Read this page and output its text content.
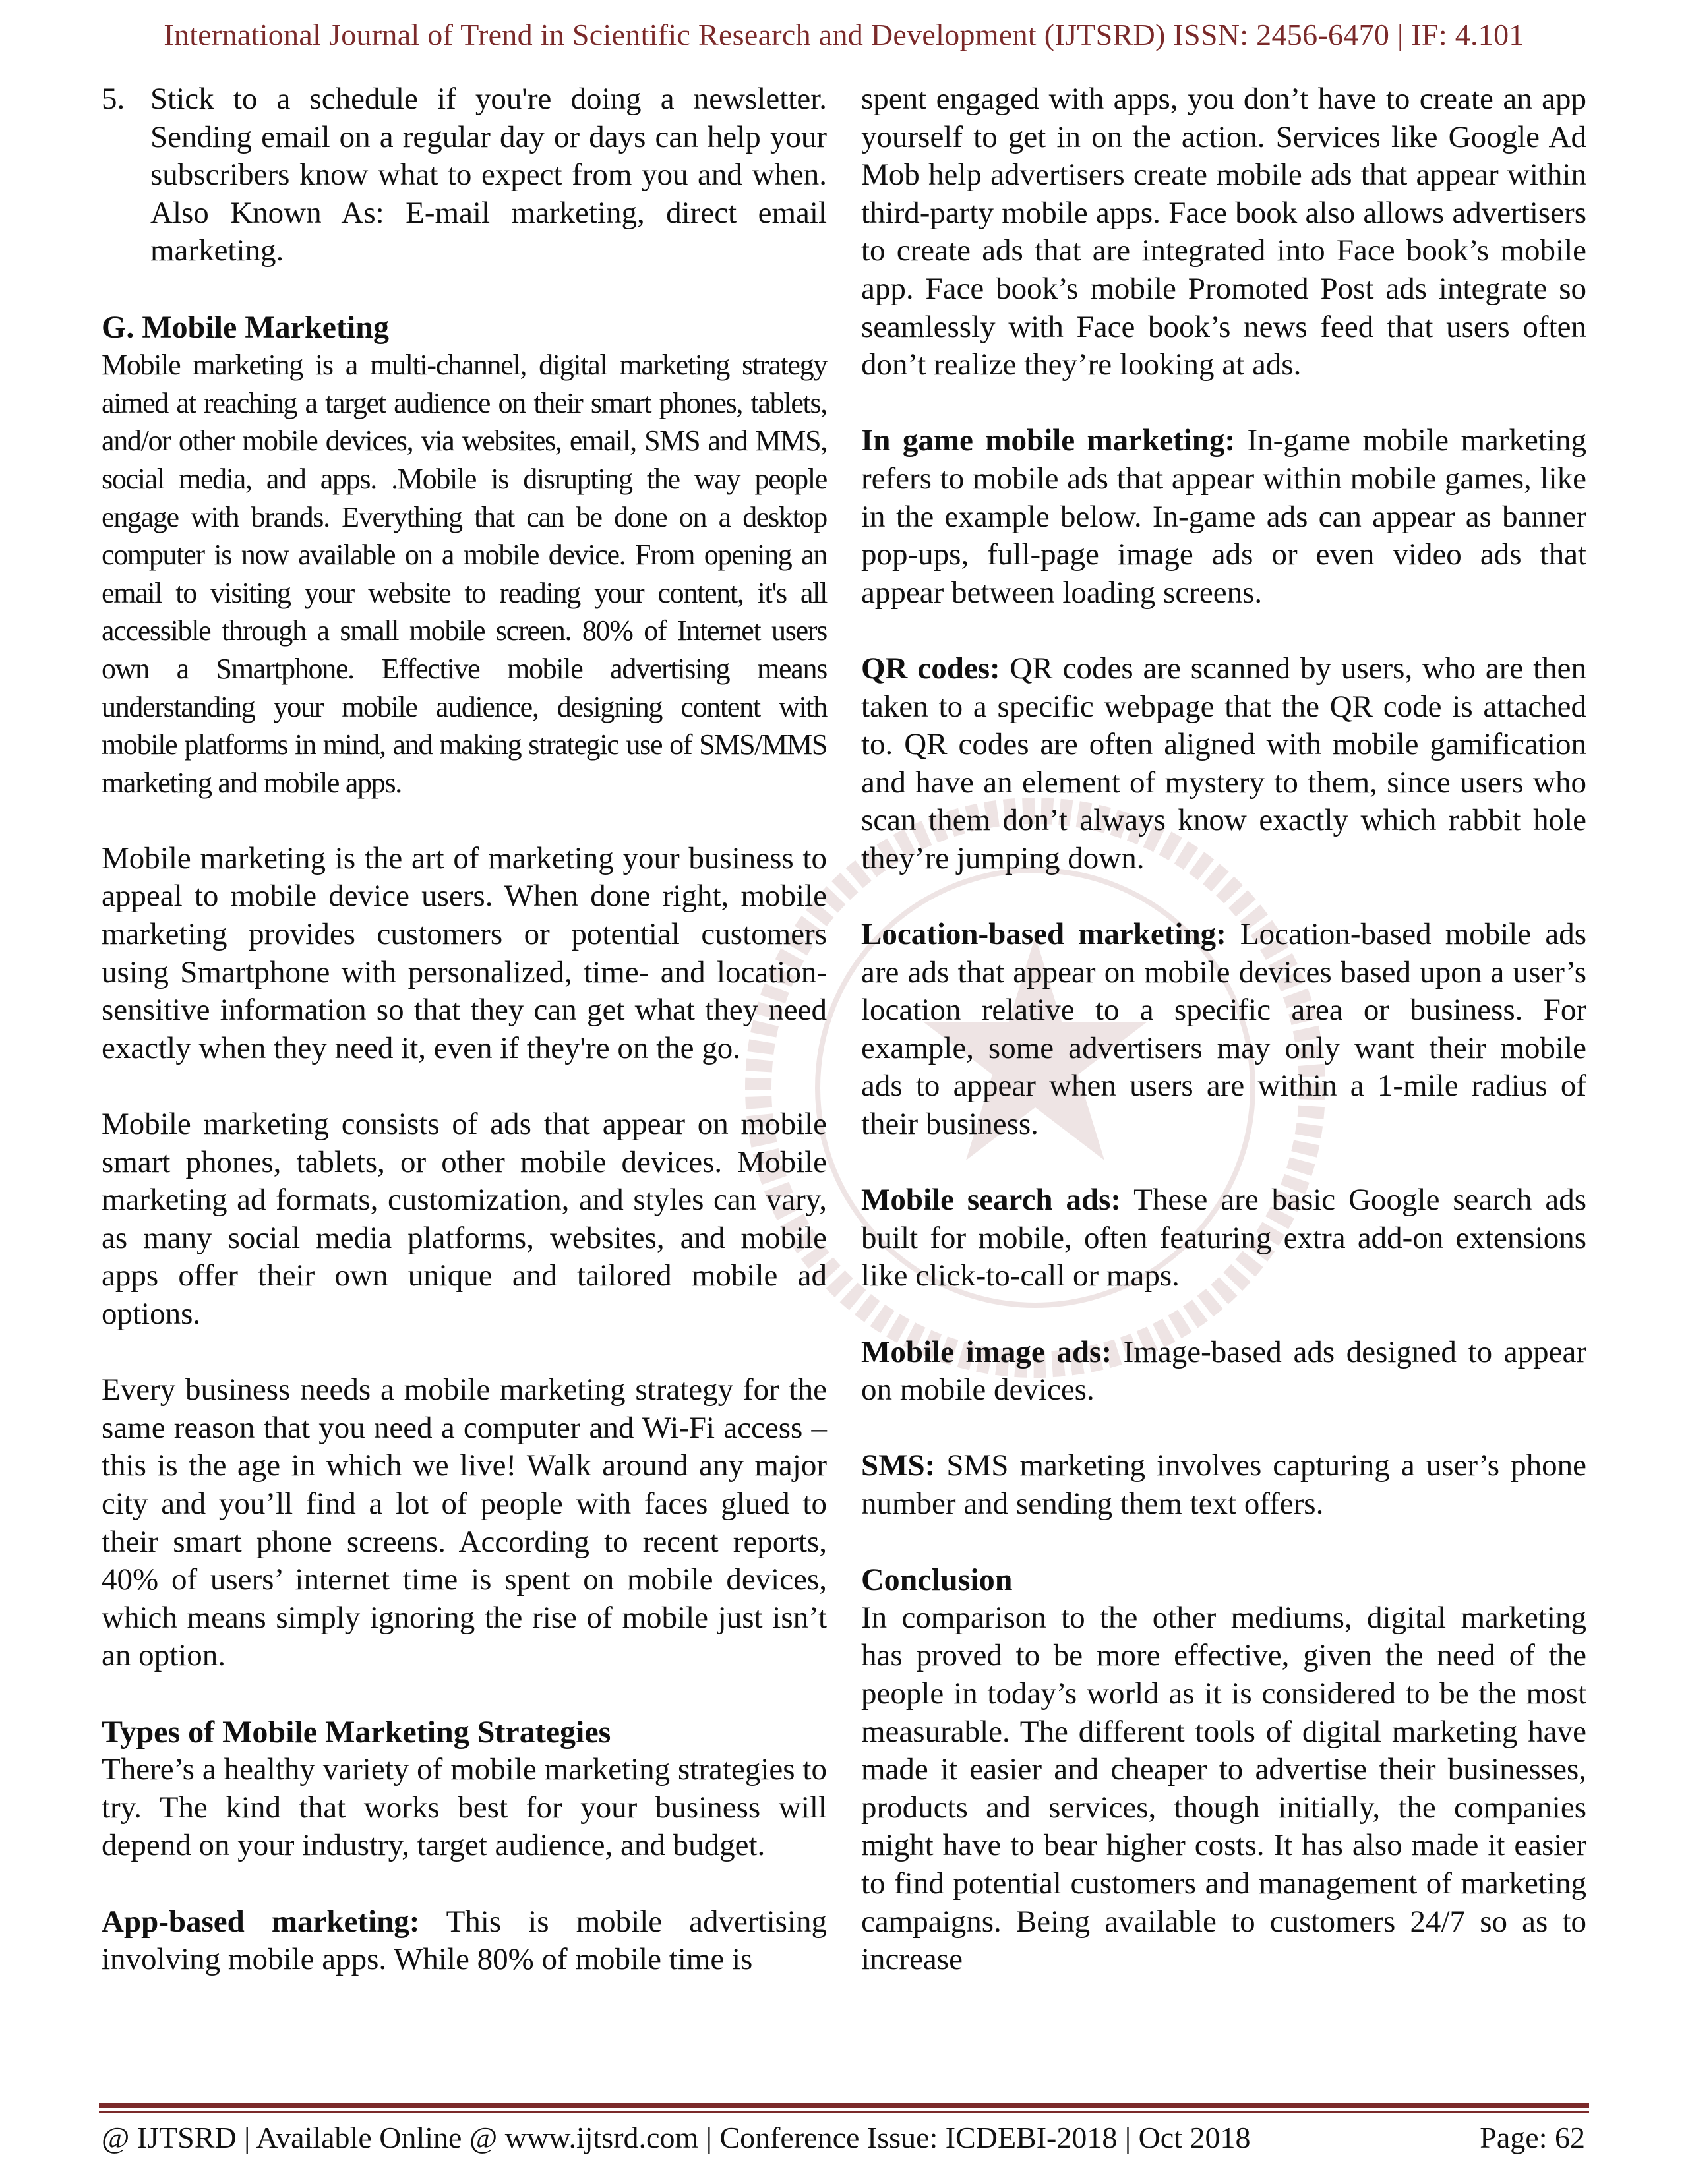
International Journal of Trend in Scientific Research and Development (IJTSRD) ISSN: 2456-6470 | IF: 4.101

5. Stick to a schedule if you're doing a newsletter. Sending email on a regular day or days can help your subscribers know what to expect from you and when. Also Known As: E-mail marketing, direct email marketing.

G. Mobile Marketing

Mobile marketing is a multi-channel, digital marketing strategy aimed at reaching a target audience on their smart phones, tablets, and/or other mobile devices, via websites, email, SMS and MMS, social media, and apps. .Mobile is disrupting the way people engage with brands. Everything that can be done on a desktop computer is now available on a mobile device. From opening an email to visiting your website to reading your content, it's all accessible through a small mobile screen. 80% of Internet users own a Smartphone. Effective mobile advertising means understanding your mobile audience, designing content with mobile platforms in mind, and making strategic use of SMS/MMS marketing and mobile apps.

Mobile marketing is the art of marketing your business to appeal to mobile device users. When done right, mobile marketing provides customers or potential customers using Smartphone with personalized, time- and location-sensitive information so that they can get what they need exactly when they need it, even if they're on the go.

Mobile marketing consists of ads that appear on mobile smart phones, tablets, or other mobile devices. Mobile marketing ad formats, customization, and styles can vary, as many social media platforms, websites, and mobile apps offer their own unique and tailored mobile ad options.

Every business needs a mobile marketing strategy for the same reason that you need a computer and Wi-Fi access – this is the age in which we live! Walk around any major city and you’ll find a lot of people with faces glued to their smart phone screens. According to recent reports, 40% of users’ internet time is spent on mobile devices, which means simply ignoring the rise of mobile just isn’t an option.

Types of Mobile Marketing Strategies

There’s a healthy variety of mobile marketing strategies to try. The kind that works best for your business will depend on your industry, target audience, and budget.

App-based marketing: This is mobile advertising involving mobile apps. While 80% of mobile time is

spent engaged with apps, you don’t have to create an app yourself to get in on the action. Services like Google Ad Mob help advertisers create mobile ads that appear within third-party mobile apps. Face book also allows advertisers to create ads that are integrated into Face book’s mobile app. Face book’s mobile Promoted Post ads integrate so seamlessly with Face book’s news feed that users often don’t realize they’re looking at ads.

In game mobile marketing: In-game mobile marketing refers to mobile ads that appear within mobile games, like in the example below. In-game ads can appear as banner pop-ups, full-page image ads or even video ads that appear between loading screens.

QR codes: QR codes are scanned by users, who are then taken to a specific webpage that the QR code is attached to. QR codes are often aligned with mobile gamification and have an element of mystery to them, since users who scan them don’t always know exactly which rabbit hole they’re jumping down.

Location-based marketing: Location-based mobile ads are ads that appear on mobile devices based upon a user’s location relative to a specific area or business. For example, some advertisers may only want their mobile ads to appear when users are within a 1-mile radius of their business.

Mobile search ads: These are basic Google search ads built for mobile, often featuring extra add-on extensions like click-to-call or maps.

Mobile image ads: Image-based ads designed to appear on mobile devices.

SMS: SMS marketing involves capturing a user’s phone number and sending them text offers.

Conclusion

In comparison to the other mediums, digital marketing has proved to be more effective, given the need of the people in today’s world as it is considered to be the most measurable. The different tools of digital marketing have made it easier and cheaper to advertise their businesses, products and services, though initially, the companies might have to bear higher costs. It has also made it easier to find potential customers and management of marketing campaigns. Being available to customers 24/7 so as to increase

@ IJTSRD | Available Online @ www.ijtsrd.com | Conference Issue: ICDEBI-2018 | Oct 2018	Page: 62
